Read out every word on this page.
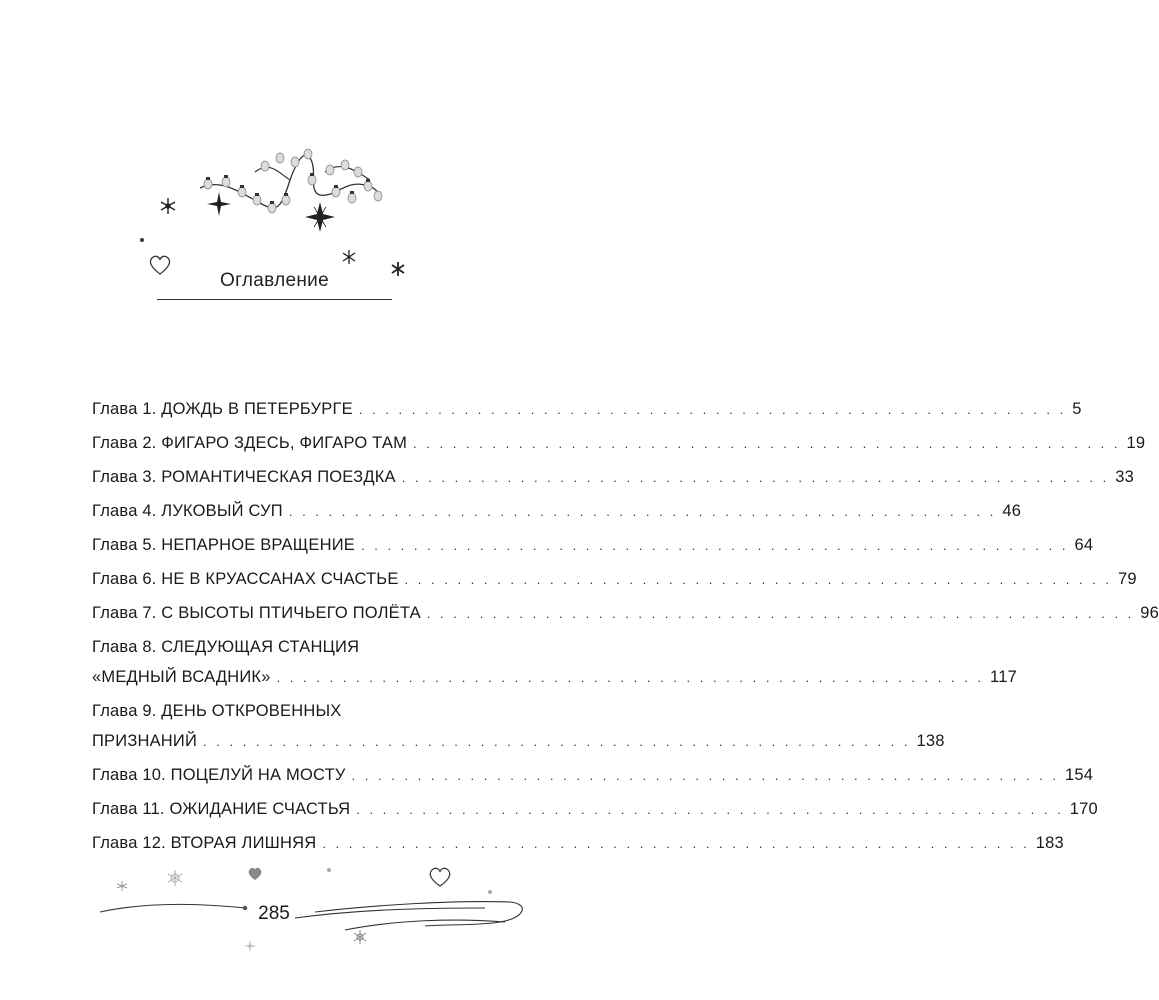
Оглавление
Глава 1. ДОЖДЬ В ПЕТЕРБУРГЕ . . . . . . . . . . . . . . . . . . . . . . . . . . . . . . . . . . . . . . . . . . . . . . . . . . . . . . 5
Глава 2. ФИГАРО ЗДЕСЬ, ФИГАРО ТАМ . . . . . . . . . . . . . . . . . . . . . . . . . . . . . . . . . . . . . . . . . . . . . . . . . . . . . . 19
Глава 3. РОМАНТИЧЕСКАЯ ПОЕЗДКА . . . . . . . . . . . . . . . . . . . . . . . . . . . . . . . . . . . . . . . . . . . . . . . . . . . . . . 33
Глава 4. ЛУКОВЫЙ СУП . . . . . . . . . . . . . . . . . . . . . . . . . . . . . . . . . . . . . . . . . . . . . . . . . . . . . . 46
Глава 5. НЕПАРНОЕ ВРАЩЕНИЕ . . . . . . . . . . . . . . . . . . . . . . . . . . . . . . . . . . . . . . . . . . . . . . . . . . . . . . 64
Глава 6. НЕ В КРУАССАНАХ СЧАСТЬЕ . . . . . . . . . . . . . . . . . . . . . . . . . . . . . . . . . . . . . . . . . . . . . . . . . . . . . . 79
Глава 7. С ВЫСОТЫ ПТИЧЬЕГО ПОЛЁТА . . . . . . . . . . . . . . . . . . . . . . . . . . . . . . . . . . . . . . . . . . . . . . . . . . . . . . 96
Глава 8. СЛЕДУЮЩАЯ СТАНЦИЯ
«МЕДНЫЙ ВСАДНИК» . . . . . . . . . . . . . . . . . . . . . . . . . . . . . . . . . . . . . . . . . . . . . . . . . . . . . . 117
Глава 9. ДЕНЬ ОТКРОВЕННЫХ
ПРИЗНАНИЙ . . . . . . . . . . . . . . . . . . . . . . . . . . . . . . . . . . . . . . . . . . . . . . . . . . . . . . 138
Глава 10. ПОЦЕЛУЙ НА МОСТУ . . . . . . . . . . . . . . . . . . . . . . . . . . . . . . . . . . . . . . . . . . . . . . . . . . . . . . 154
Глава 11. ОЖИДАНИЕ СЧАСТЬЯ . . . . . . . . . . . . . . . . . . . . . . . . . . . . . . . . . . . . . . . . . . . . . . . . . . . . . . 170
Глава 12. ВТОРАЯ ЛИШНЯЯ . . . . . . . . . . . . . . . . . . . . . . . . . . . . . . . . . . . . . . . . . . . . . . . . . . . . . . 183
285
